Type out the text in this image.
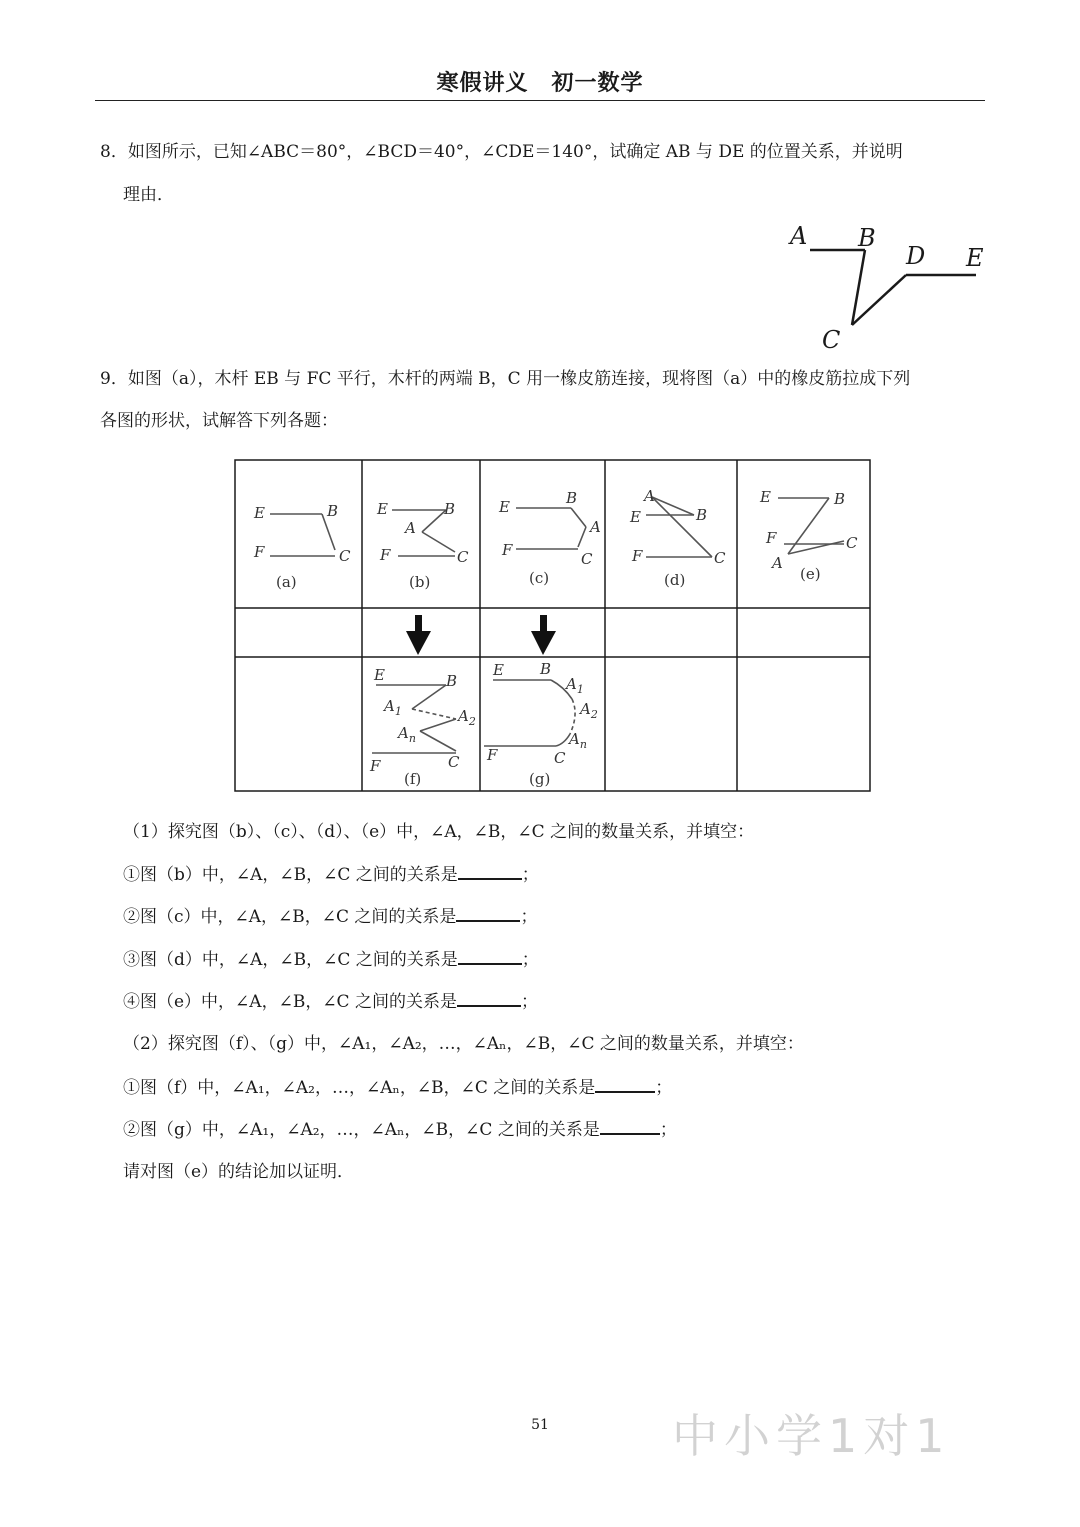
寒假讲义　初一数学
8．如图所示，已知∠ABC＝80°，∠BCD＝40°，∠CDE＝140°，试确定 AB 与 DE 的位置关系，并说明
理由．
A B
D E
C
9．如图（a），木杆 EB 与 FC 平行，木杆的两端 B，C 用一橡皮筋连接，现将图（a）中的橡皮筋拉成下列
各图的形状，试解答下列各题：
E	B
F	C
E	B
A
F	C
E	B
A
F	C
A
E	B
F	C
E	B
F	C
A
E	B
$A_1$	$A_2$
$A_n$
F	C
E B
$A_1$
$A_2$
$A_n$
F	C
(a)	(b)	(c)	(d)	(e)
(f)	(g)
（1）探究图（b）、（c）、（d）、（e）中，∠A，∠B，∠C 之间的数量关系，并填空：
①图（b）中，∠A，∠B，∠C 之间的关系是	；
②图（c）中，∠A，∠B，∠C 之间的关系是	；
③图（d）中，∠A，∠B，∠C 之间的关系是	；
④图（e）中，∠A，∠B，∠C 之间的关系是	；
（2）探究图（f）、（g）中，∠A₁，∠A₂，…，∠Aₙ，∠B，∠C 之间的数量关系，并填空：
①图（f）中，∠A₁，∠A₂，…，∠Aₙ，∠B，∠C 之间的关系是	；
②图（g）中，∠A₁，∠A₂，…，∠Aₙ，∠B，∠C 之间的关系是	；
请对图（e）的结论加以证明．
51	中小学1对1
